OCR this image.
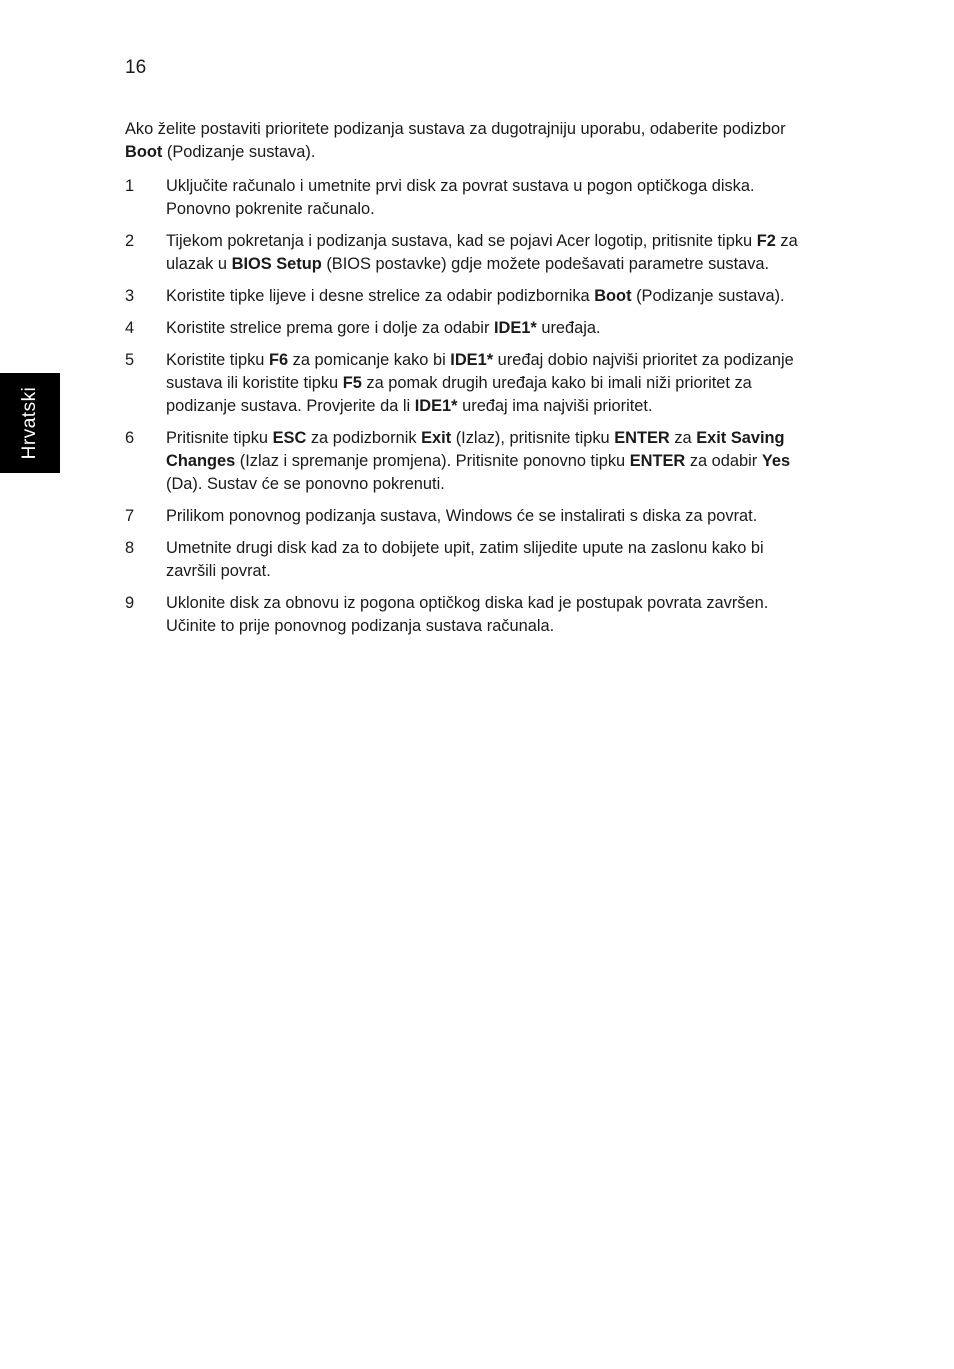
16
Hrvatski

Ako želite postaviti prioritete podizanja sustava za dugotrajniju uporabu, odaberite podizbor Boot (Podizanje sustava).

1	Uključite računalo i umetnite prvi disk za povrat sustava u pogon optičkoga diska. Ponovno pokrenite računalo.
2	Tijekom pokretanja i podizanja sustava, kad se pojavi Acer logotip, pritisnite tipku F2 za ulazak u BIOS Setup (BIOS postavke) gdje možete podešavati parametre sustava.
3	Koristite tipke lijeve i desne strelice za odabir podizbornika Boot (Podizanje sustava).
4	Koristite strelice prema gore i dolje za odabir IDE1* uređaja.
5	Koristite tipku F6 za pomicanje kako bi IDE1* uređaj dobio najviši prioritet za podizanje sustava ili koristite tipku F5 za pomak drugih uređaja kako bi imali niži prioritet za podizanje sustava. Provjerite da li IDE1* uređaj ima najviši prioritet.
6	Pritisnite tipku ESC za podizbornik Exit (Izlaz), pritisnite tipku ENTER za Exit Saving Changes (Izlaz i spremanje promjena). Pritisnite ponovno tipku ENTER za odabir Yes (Da). Sustav će se ponovno pokrenuti.
7	Prilikom ponovnog podizanja sustava, Windows će se instalirati s diska za povrat.
8	Umetnite drugi disk kad za to dobijete upit, zatim slijedite upute na zaslonu kako bi završili povrat.
9	Uklonite disk za obnovu iz pogona optičkog diska kad je postupak povrata završen. Učinite to prije ponovnog podizanja sustava računala.
